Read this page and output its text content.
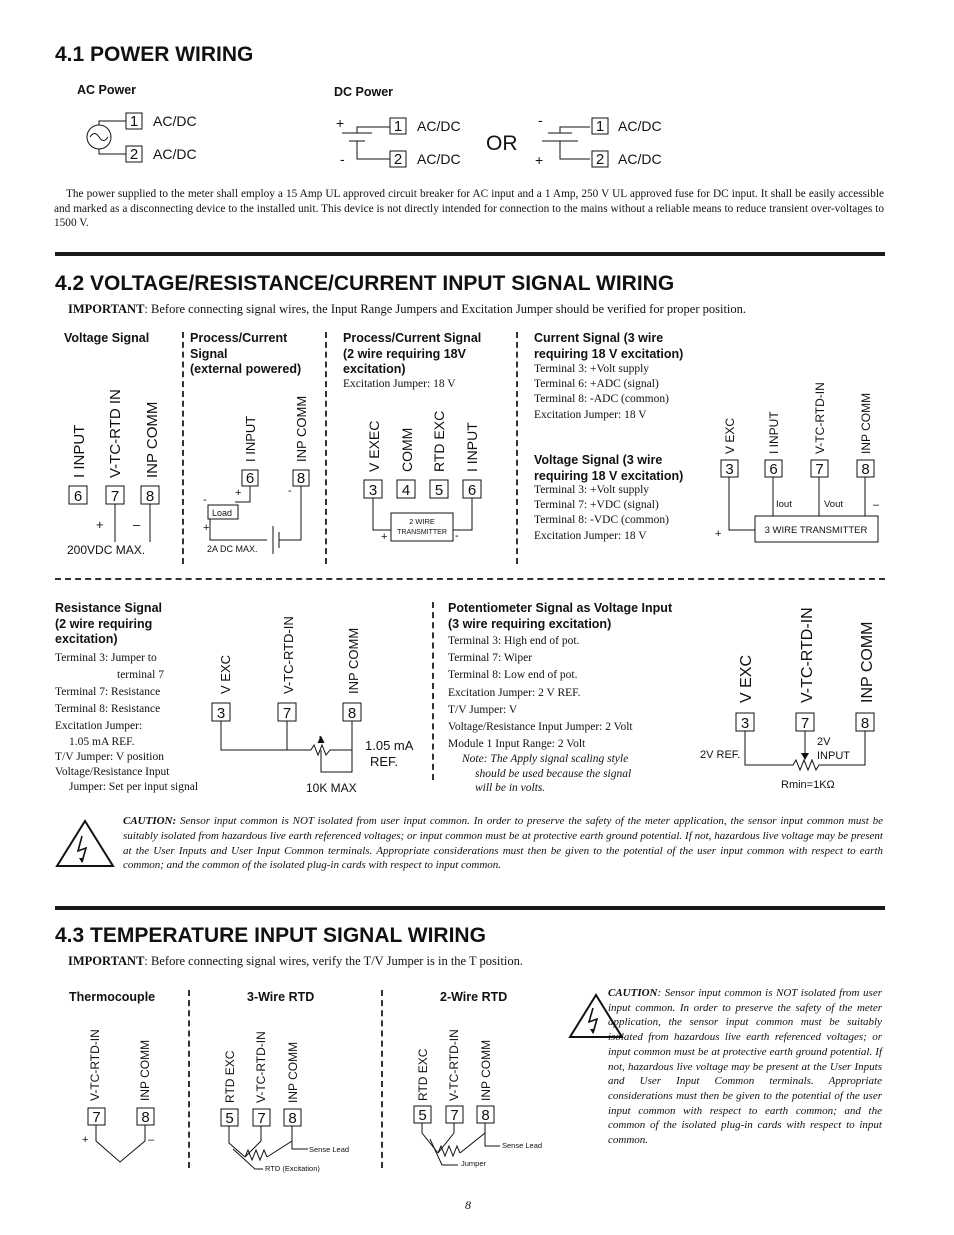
4.1 POWER WIRING
AC Power	DC Power
1
2
AC/DC
AC/DC
+
-
1
2
AC/DC
AC/DC
OR
-
+
1
2
AC/DC
AC/DC
The power supplied to the meter shall employ a 15 Amp UL approved circuit breaker for AC input and a 1 Amp, 250 V UL approved fuse for DC input. It shall be easily accessible and marked as a disconnecting device to the installed unit. This device is not directly intended for connection to the mains without a reliable means to reduce transient over-voltages to 1500 V.
4.2 VOLTAGE/RESISTANCE/CURRENT INPUT SIGNAL WIRING
IMPORTANT: Before connecting signal wires, the Input Range Jumpers and Excitation Jumper should be verified for proper position.
Voltage Signal
I INPUT V-TC-RTD IN INP COMM
6 7 8
+ –
200VDC MAX.
Process/Current
Signal
(external powered)
I INPUT	INP COMM
6	8
Load
-
+	-
+
2A DC MAX.
Process/Current Signal
(2 wire requiring 18V
excitation)
Excitation Jumper: 18 V
V EXEC COMM RTD EXC I INPUT
3 4 5 6
2 WIRE
TRANSMITTER
+	-
Current Signal (3 wire
requiring 18 V excitation)
Terminal 3: +Volt supply
Terminal 6: +ADC (signal)
Terminal 8: -ADC (common)
Excitation Jumper: 18 V
Voltage Signal (3 wire
requiring 18 V excitation)
Terminal 3: +Volt supply
Terminal 7: +VDC (signal)
Terminal 8: -VDC (common)
Excitation Jumper: 18 V
V EXC	I INPUT	V-TC-RTD-IN	INP COMM
3 6	7	8
3 WIRE TRANSMITTER
Iout	Vout
+
–
Resistance Signal
(2 wire requiring
excitation)
Terminal 3: Jumper to
terminal 7
Terminal 7: Resistance
Terminal 8: Resistance
Excitation Jumper:
1.05 mA REF.
T/V Jumper: V position
Voltage/Resistance Input
Jumper: Set per input signal
V EXC	V-TC-RTD-IN	INP COMM
3	7	8
1.05 mA
REF.
10K MAX
Potentiometer Signal as Voltage Input
(3 wire requiring excitation)
Terminal 3: High end of pot.
Terminal 7: Wiper
Terminal 8: Low end of pot.
Excitation Jumper: 2 V REF.
T/V Jumper: V
Voltage/Resistance Input Jumper: 2 Volt
Module 1 Input Range: 2 Volt
Note: The Apply signal scaling style
should be used because the signal
will be in volts.
V EXC	V-TC-RTD-IN	INP COMM
3	7	8
2V REF.
2V
INPUT
Rmin=1KΩ
CAUTION: Sensor input common is NOT isolated from user input common. In order to preserve the safety of the meter application, the sensor input common must be suitably isolated from hazardous live earth referenced voltages; or input common must be at protective earth ground potential. If not, hazardous live voltage may be present at the User Inputs and User Input Common terminals. Appropriate considerations must then be given to the potential of the user input common with respect to earth common; and the common of the isolated plug-in cards with respect to input common.
4.3 TEMPERATURE INPUT SIGNAL WIRING
IMPORTANT: Before connecting signal wires, verify the T/V Jumper is in the T position.
Thermocouple
V-TC-RTD-IN	INP COMM
7	8
+	–
3-Wire RTD
RTD EXC V-TC-RTD-IN INP COMM
5 7 8
Sense Lead
RTD (Excitation)
2-Wire RTD
RTD EXC V-TC-RTD-IN INP COMM
5 7 8
Sense Lead
Jumper
CAUTION: Sensor input common is NOT isolated from user input common. In order to preserve the safety of the meter application, the sensor input common must be suitably isolated from hazardous live earth referenced voltages; or input common must be at protective earth ground potential. If not, hazardous live voltage may be present at the User Inputs and User Input Common terminals. Appropriate considerations must then be given to the potential of the user input common with respect to earth common; and the common of the isolated plug-in cards with respect to input common.
8
